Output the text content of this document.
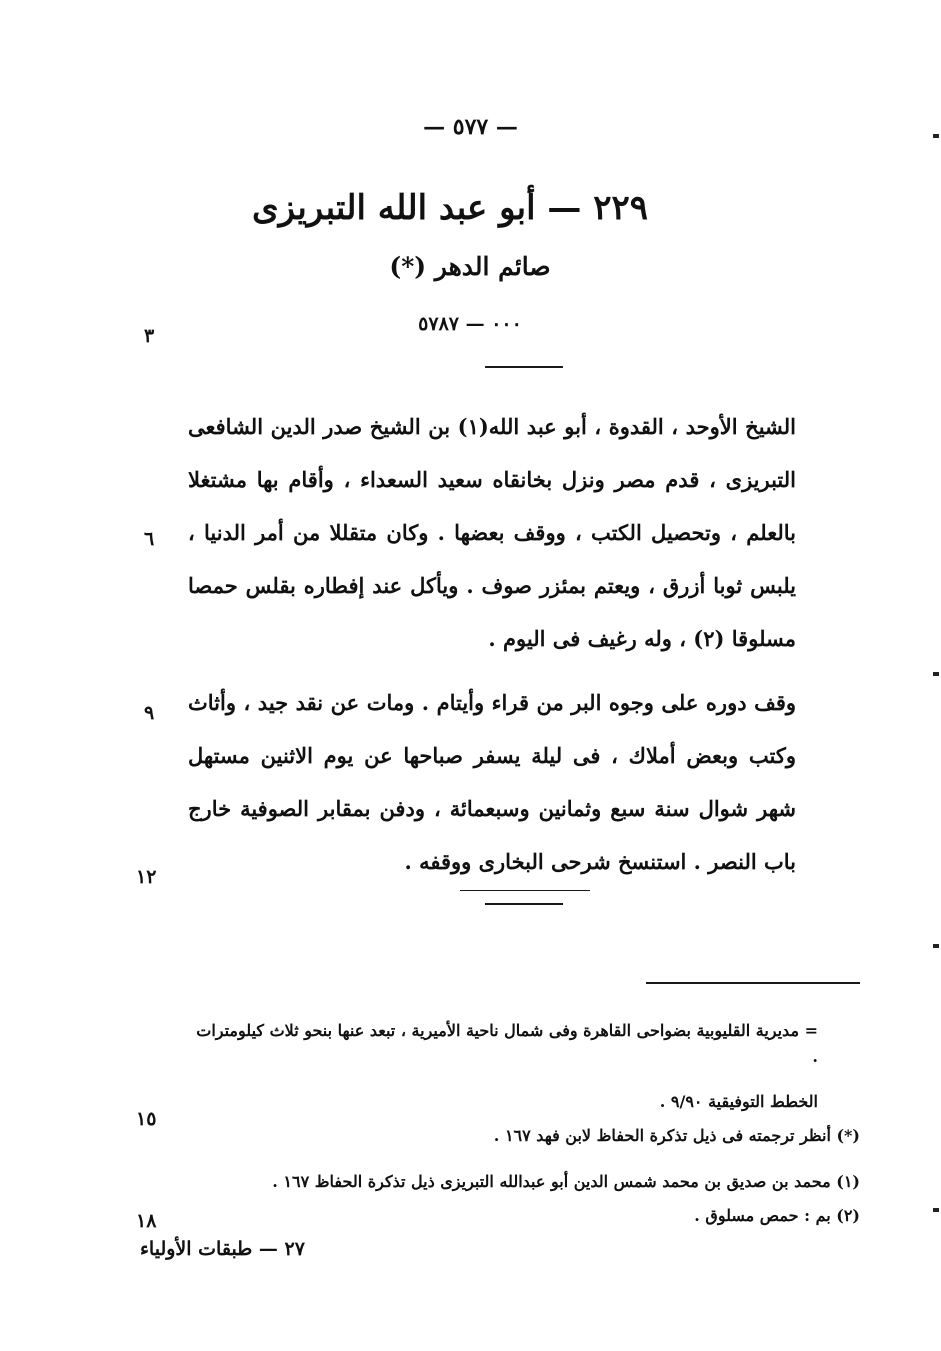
— ٥٧٧ —
٢٢٩ — أبو عبد الله التبريزى
صائم الدهر (*)
٠٠٠ — ٥٧٨٧
الشيخ الأوحد ، القدوة ، أبو عبد الله(١) بن الشيخ صدر الدين الشافعى التبريزى ، قدم مصر ونزل بخانقاه سعيد السعداء ، وأقام بها مشتغلا بالعلم ، وتحصيل الكتب ، ووقف بعضها . وكان متقللا من أمر الدنيا ، يلبس ثوبا أزرق ، ويعتم بمئزر صوف . ويأكل عند إفطاره بقلس حمصا مسلوقا (٢) ، وله رغيف فى اليوم .
وقف دوره على وجوه البر من قراء وأيتام . ومات عن نقد جيد ، وأثاث وكتب وبعض أملاك ، فى ليلة يسفر صباحها عن يوم الاثنين مستهل شهر شوال سنة سبع وثمانين وسبعمائة ، ودفن بمقابر الصوفية خارج باب النصر . استنسخ شرحى البخارى ووقفه .
٣
٦
٩
١٢
١٥
١٨
= مديرية القليوبية بضواحى القاهرة وفى شمال ناحية الأميرية ، تبعد عنها بنحو ثلاث كيلومترات .
الخطط التوفيقية ٩/٩٠ .
(*) أنظر ترجمته فى ذيل تذكرة الحفاظ لابن فهد ١٦٧ .
(١) محمد بن صديق بن محمد شمس الدين أبو عبدالله التبريزى ذيل تذكرة الحفاظ ١٦٧ .
(٢) بم : حمص مسلوق .
٢٧ — طبقات الأولياء
